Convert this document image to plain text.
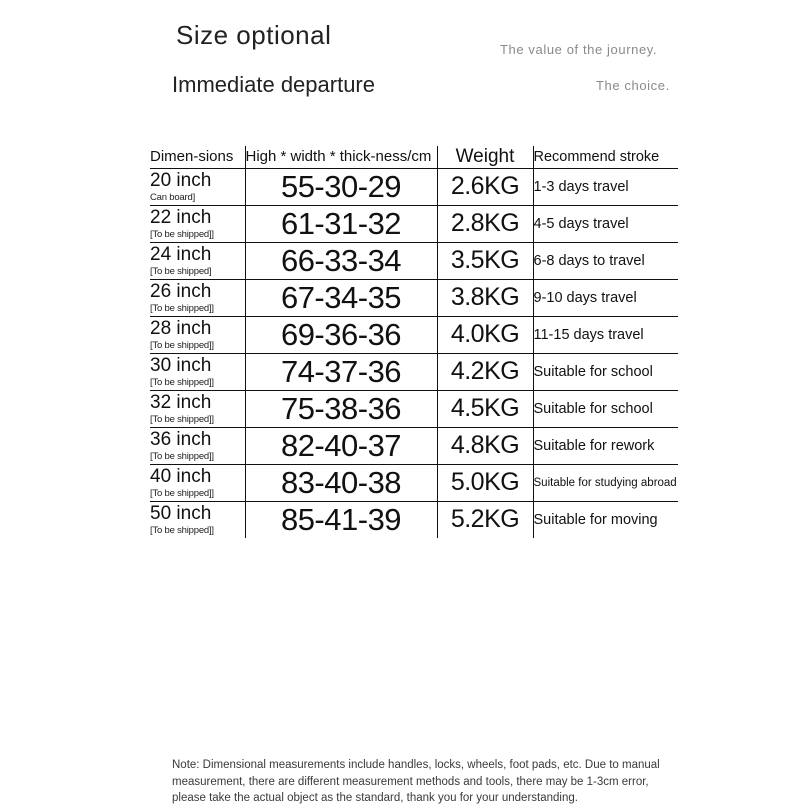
Size optional
Immediate departure
The value of the journey.
The choice.
Dimen-sions	High * width * thick-ness/cm	Weight	Recommend stroke

20 inch
Can board]	55-30-29	2.6KG	1-3 days travel

22 inch
[To be shipped]]	61-31-32	2.8KG	4-5 days travel

24 inch
[To be shipped]	66-33-34	3.5KG	6-8 days to travel

26 inch
[To be shipped]]	67-34-35	3.8KG	9-10 days travel

28 inch
[To be shipped]]	69-36-36	4.0KG	11-15 days travel

30 inch
[To be shipped]]	74-37-36	4.2KG	Suitable for school

32 inch
[To be shipped]]	75-38-36	4.5KG	Suitable for school

36 inch
[To be shipped]]	82-40-37	4.8KG	Suitable for rework

40 inch
[To be shipped]]	83-40-38	5.0KG	Suitable for studying abroad

50 inch
[To be shipped]]	85-41-39	5.2KG	Suitable for moving
Note: Dimensional measurements include handles, locks, wheels, foot pads, etc. Due to manual measurement, there are different measurement methods and tools, there may be 1-3cm error, please take the actual object as the standard, thank you for your understanding.
